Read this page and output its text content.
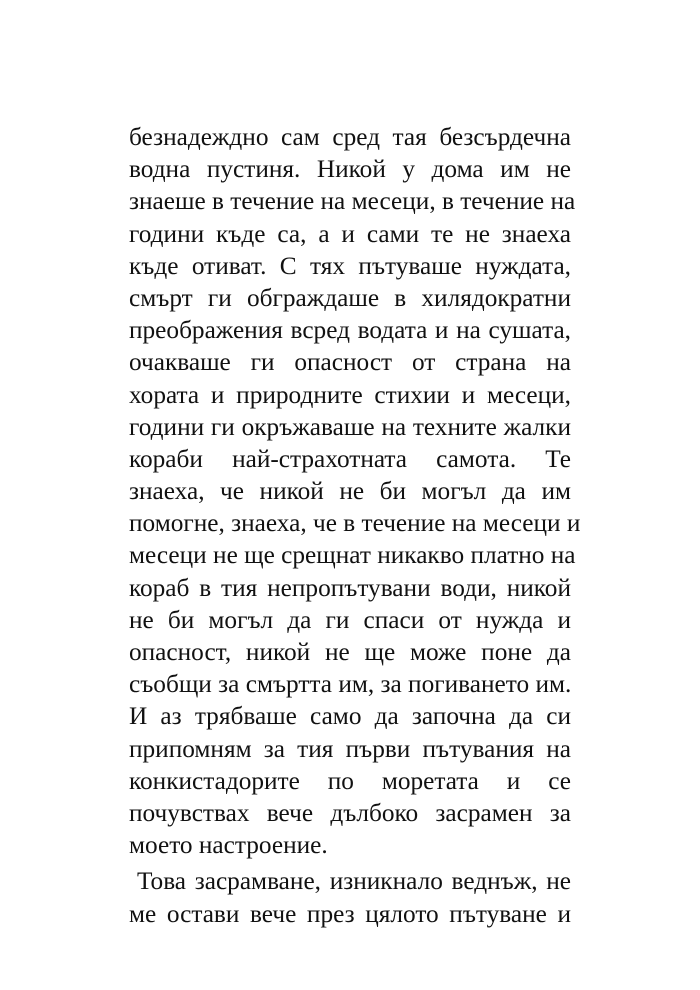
безнадеждно сам сред тая безсърдечна
водна пустиня. Никой у дома им не
знаеше в течение на месеци, в течение на
години къде са, а и сами те не знаеха
къде отиват. С тях пътуваше нуждата,
смърт ги обграждаше в хилядократни
преображения всред водата и на сушата,
очакваше ги опасност от страна на
хората и природните стихии и месеци,
години ги окръжаваше на техните жалки
кораби най-страхотната самота. Те
знаеха, че никой не би могъл да им
помогне, знаеха, че в течение на месеци и
месеци не ще срещнат никакво платно на
кораб в тия непропътувани води, никой
не би могъл да ги спаси от нужда и
опасност, никой не ще може поне да
съобщи за смъртта им, за погиването им.
И аз трябваше само да започна да си
припомням за тия първи пътувания на
конкистадорите по моретата и се
почувствах вече дълбоко засрамен за
моето настроение.
Това засрамване, изникнало веднъж, не
ме остави вече през цялото пътуване и
